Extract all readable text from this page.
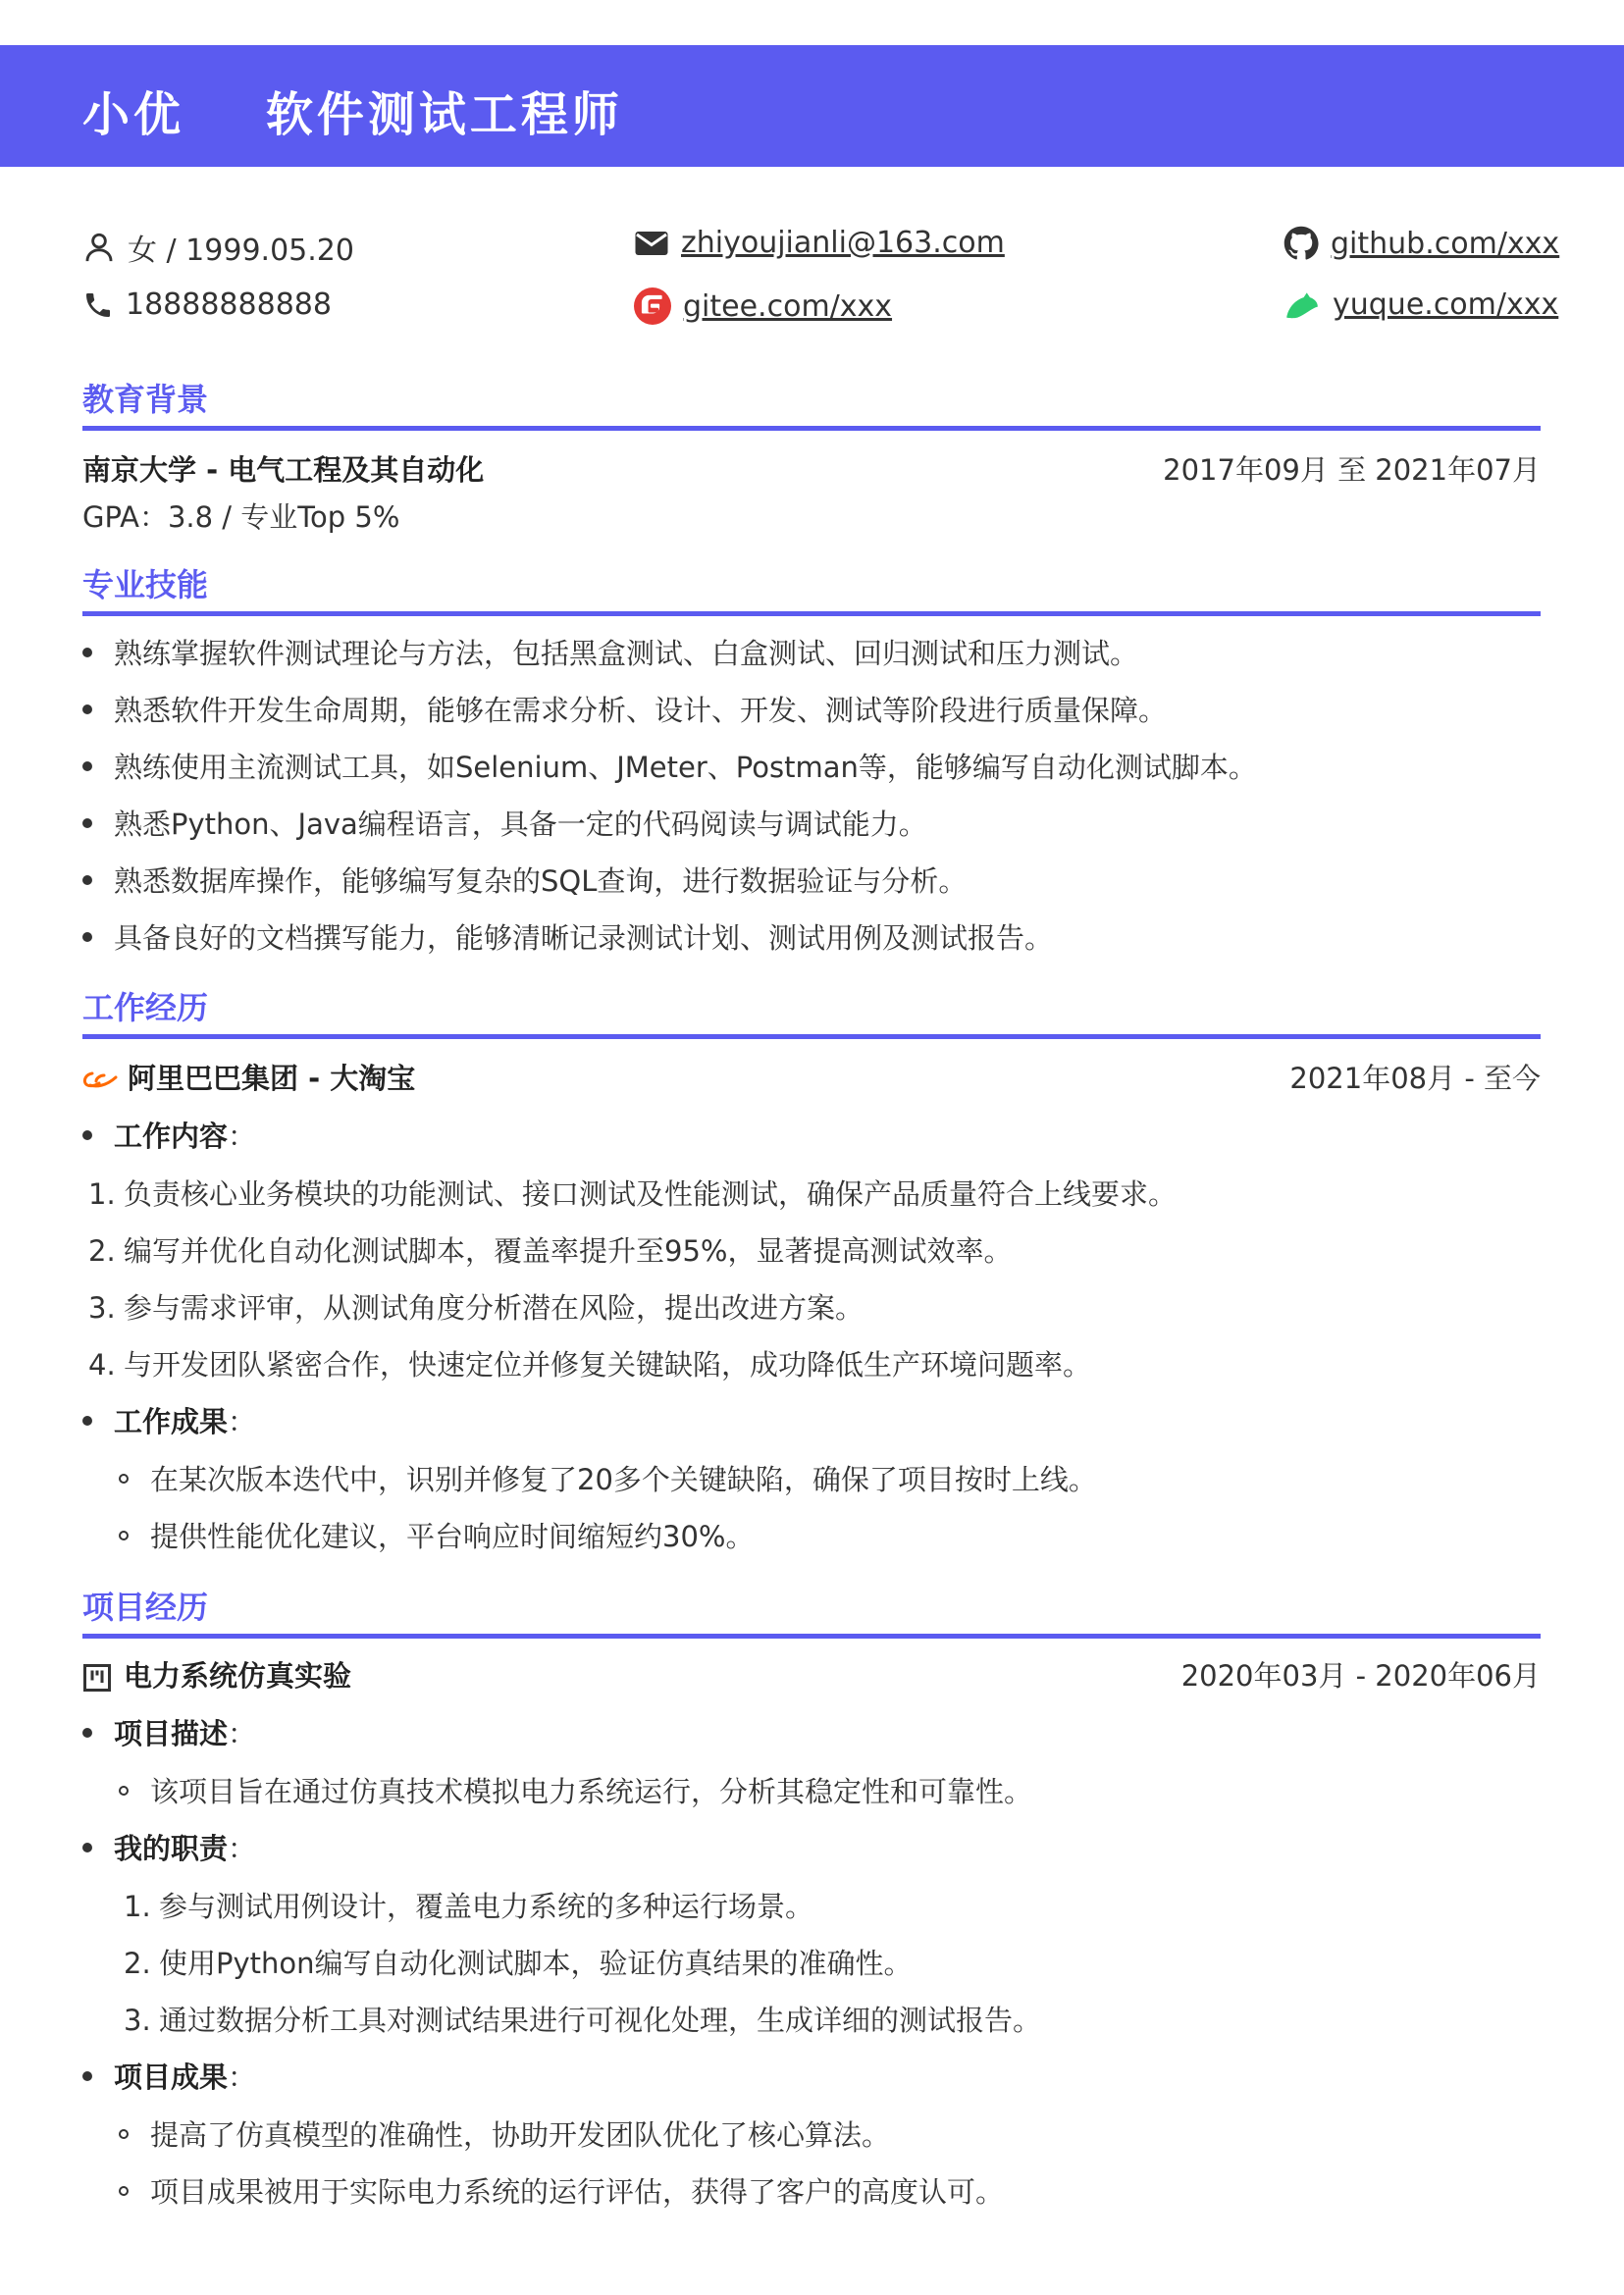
小优    软件测试工程师
女 / 1999.05.20
18888888888
zhiyoujianli@163.com
gitee.com/xxx
github.com/xxx
yuque.com/xxx
教育背景
南京大学 - 电气工程及其自动化	2017年09月 至 2021年07月
GPA：3.8 / 专业Top 5%
专业技能
熟练掌握软件测试理论与方法，包括黑盒测试、白盒测试、回归测试和压力测试。
熟悉软件开发生命周期，能够在需求分析、设计、开发、测试等阶段进行质量保障。
熟练使用主流测试工具，如Selenium、JMeter、Postman等，能够编写自动化测试脚本。
熟悉Python、Java编程语言，具备一定的代码阅读与调试能力。
熟悉数据库操作，能够编写复杂的SQL查询，进行数据验证与分析。
具备良好的文档撰写能力，能够清晰记录测试计划、测试用例及测试报告。
工作经历
阿里巴巴集团 - 大淘宝	2021年08月 - 至今
工作内容：
1. 负责核心业务模块的功能测试、接口测试及性能测试，确保产品质量符合上线要求。
2. 编写并优化自动化测试脚本，覆盖率提升至95%，显著提高测试效率。
3. 参与需求评审，从测试角度分析潜在风险，提出改进方案。
4. 与开发团队紧密合作，快速定位并修复关键缺陷，成功降低生产环境问题率。
工作成果：
在某次版本迭代中，识别并修复了20多个关键缺陷，确保了项目按时上线。
提供性能优化建议，平台响应时间缩短约30%。
项目经历
电力系统仿真实验	2020年03月 - 2020年06月
项目描述：
该项目旨在通过仿真技术模拟电力系统运行，分析其稳定性和可靠性。
我的职责：
1. 参与测试用例设计，覆盖电力系统的多种运行场景。
2. 使用Python编写自动化测试脚本，验证仿真结果的准确性。
3. 通过数据分析工具对测试结果进行可视化处理，生成详细的测试报告。
项目成果：
提高了仿真模型的准确性，协助开发团队优化了核心算法。
项目成果被用于实际电力系统的运行评估，获得了客户的高度认可。
